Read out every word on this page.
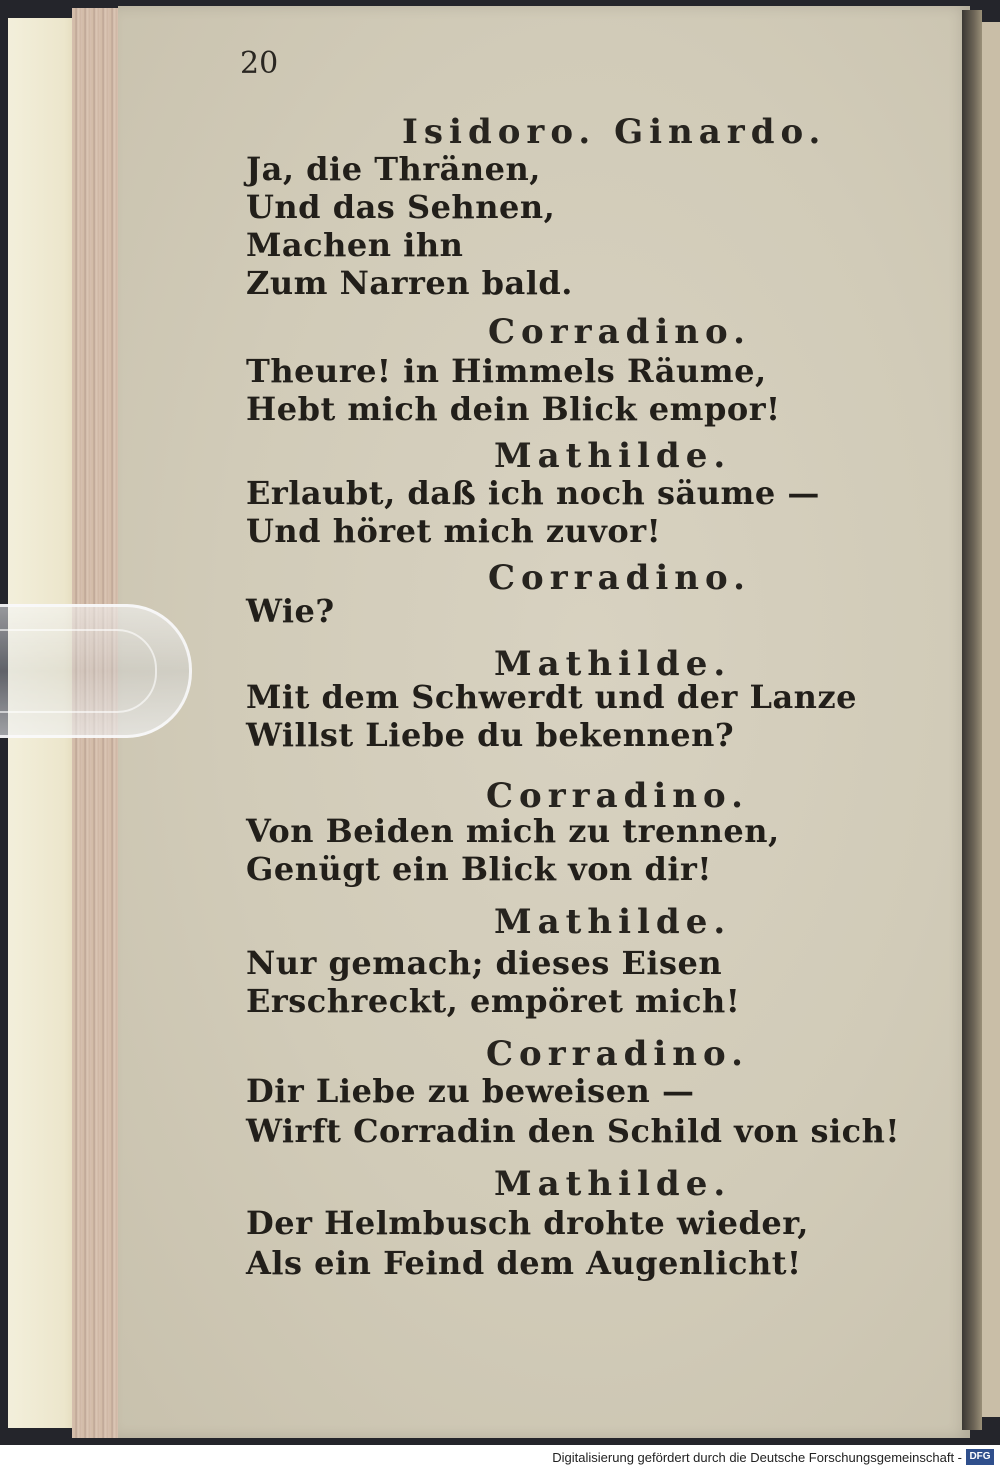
20
Isidoro. Ginardo.
Ja, die Thränen,
Und das Sehnen,
Machen ihn
Zum Narren bald.
Corradino.
Theure! in Himmels Räume,
Hebt mich dein Blick empor!
Mathilde.
Erlaubt, daß ich noch säume —
Und höret mich zuvor!
Corradino.
Wie?
Mathilde.
Mit dem Schwerdt und der Lanze
Willst Liebe du bekennen?
Corradino.
Von Beiden mich zu trennen,
Genügt ein Blick von dir!
Mathilde.
Nur gemach; dieses Eisen
Erschreckt, empöret mich!
Corradino.
Dir Liebe zu beweisen —
Wirft Corradin den Schild von sich!
Mathilde.
Der Helmbusch drohte wieder,
Als ein Feind dem Augenlicht!
Digitalisierung gefördert durch die Deutsche Forschungsgemeinschaft - DFG
